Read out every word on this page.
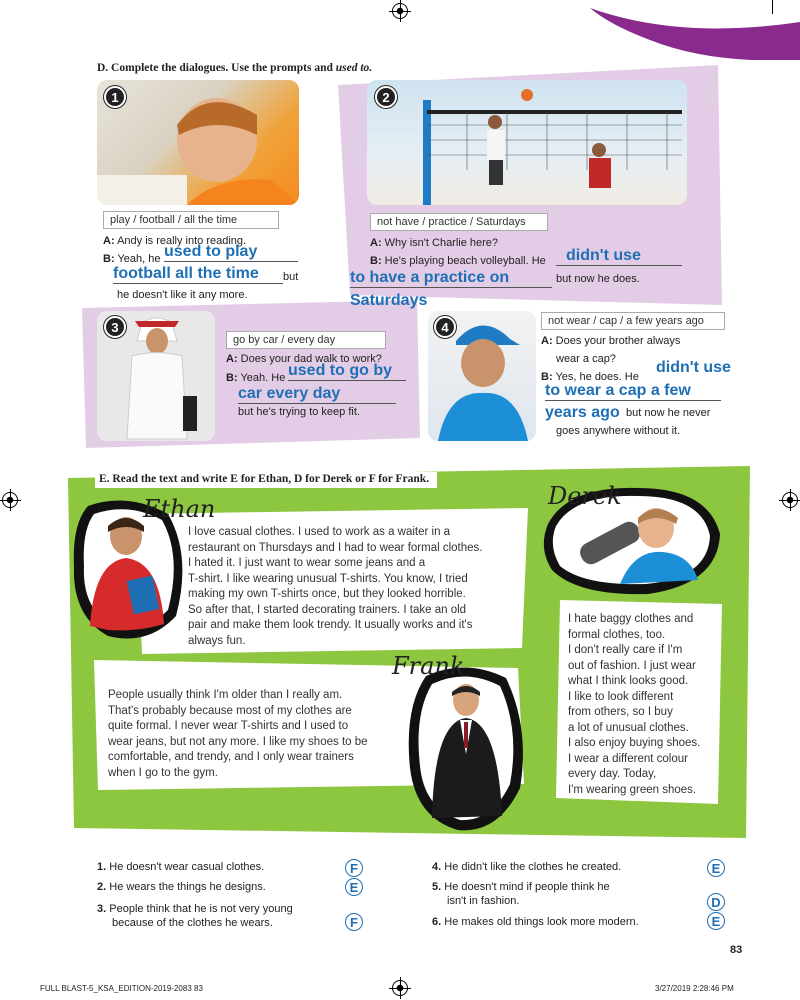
D. Complete the dialogues. Use the prompts and used to.
1
play / football / all the time
A: Andy is really into reading.
B: Yeah, he used to play
football all the time	but
he doesn't like it any more.
2
not have / practice / Saturdays
A: Why isn't Charlie here?
B: He's playing beach volleyball. He	didn't use
to have a practice on	but now he does.
Saturdays
3
go by car / every day
A: Does your dad walk to work?
B: Yeah. He used to go by
car every day
but he's trying to keep fit.
4	not wear / cap / a few years ago
A: Does your brother always
wear a cap?
B: Yes, he does. He
didn't use
to wear a cap a few
years ago but now he never
goes anywhere without it.
E. Read the text and write E for Ethan, D for Derek or F for Frank.
Ethan
I love casual clothes. I used to work as a waiter in a
restaurant on Thursdays and I had to wear formal clothes.
I hated it. I just want to wear some jeans and a
T-shirt. I like wearing unusual T-shirts. You know, I tried
making my own T-shirts once, but they looked horrible.
So after that, I started decorating trainers. I take an old
pair and make them look trendy. It usually works and it's
always fun.
Derek
I hate baggy clothes and
formal clothes, too.
I don't really care if I'm
out of fashion. I just wear
what I think looks good.
I like to look different
from others, so I buy
a lot of unusual clothes.
I also enjoy buying shoes.
I wear a different colour
every day. Today,
I'm wearing green shoes.
Frank
People usually think I'm older than I really am.
That's probably because most of my clothes are
quite formal. I never wear T-shirts and I used to
wear jeans, but not any more. I like my shoes to be
comfortable, and trendy, and I only wear trainers
when I go to the gym.
1. He doesn't wear casual clothes.	F
2. He wears the things he designs.	E
3. People think that he is not very young
because of the clothes he wears.	F
4. He didn't like the clothes he created.	E
5. He doesn't mind if people think he
isn't in fashion.	D
6. He makes old things look more modern.	E
83
FULL BLAST-5_KSA_EDITION-2019-2083 83	3/27/2019 2:28:46 PM
